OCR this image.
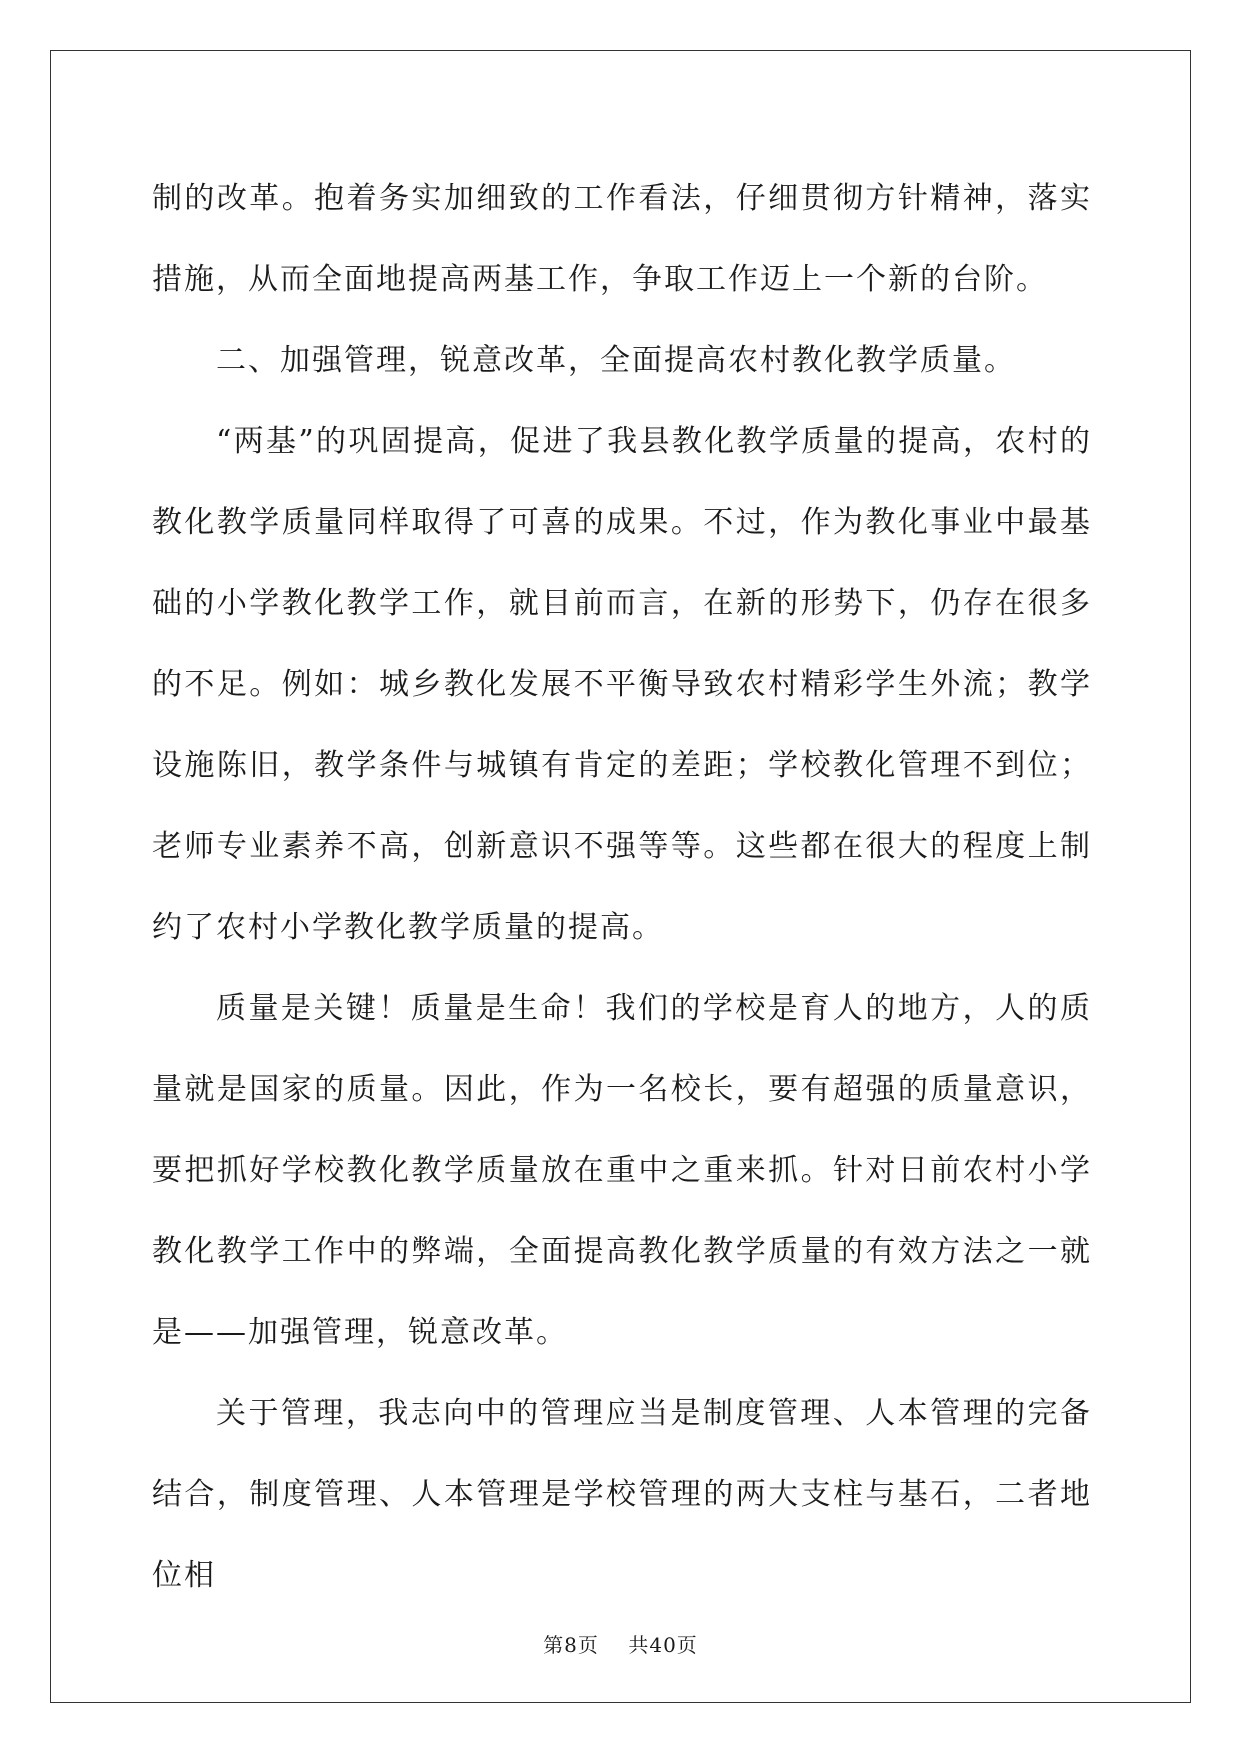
制的改革。抱着务实加细致的工作看法，仔细贯彻方针精神，落实措施，从而全面地提高两基工作，争取工作迈上一个新的台阶。

二、加强管理，锐意改革，全面提高农村教化教学质量。

“两基”的巩固提高，促进了我县教化教学质量的提高，农村的教化教学质量同样取得了可喜的成果。不过，作为教化事业中最基础的小学教化教学工作，就目前而言，在新的形势下，仍存在很多的不足。例如：城乡教化发展不平衡导致农村精彩学生外流；教学设施陈旧，教学条件与城镇有肯定的差距；学校教化管理不到位；老师专业素养不高，创新意识不强等等。这些都在很大的程度上制约了农村小学教化教学质量的提高。

质量是关键！质量是生命！我们的学校是育人的地方，人的质量就是国家的质量。因此，作为一名校长，要有超强的质量意识，要把抓好学校教化教学质量放在重中之重来抓。针对日前农村小学教化教学工作中的弊端，全面提高教化教学质量的有效方法之一就是——加强管理，锐意改革。

关于管理，我志向中的管理应当是制度管理、人本管理的完备结合，制度管理、人本管理是学校管理的两大支柱与基石，二者地位相

第8页 共40页
